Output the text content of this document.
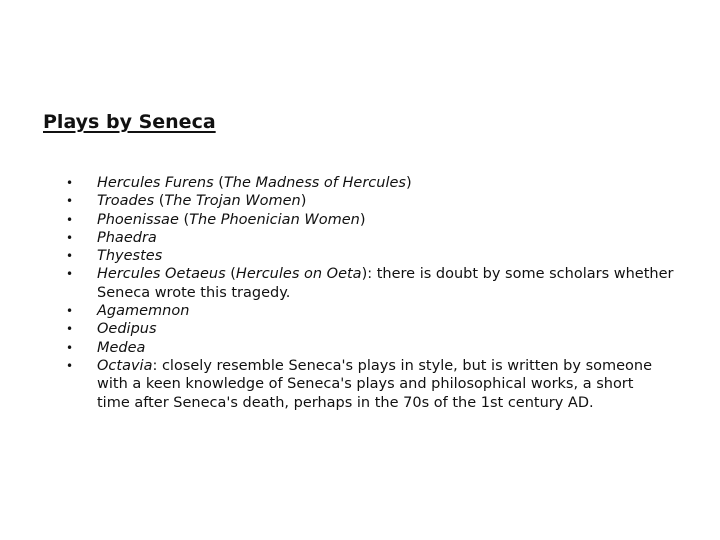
Plays by Seneca
• Hercules Furens (The Madness of Hercules)
• Troades (The Trojan Women)
• Phoenissae (The Phoenician Women)
• Phaedra
• Thyestes
• Hercules Oetaeus (Hercules on Oeta): there is doubt by some scholars whether
Seneca wrote this tragedy.
• Agamemnon
• Oedipus
• Medea
• Octavia: closely resemble Seneca's plays in style, but is written by someone
with a keen knowledge of Seneca's plays and philosophical works, a short
time after Seneca's death, perhaps in the 70s of the 1st century AD.
